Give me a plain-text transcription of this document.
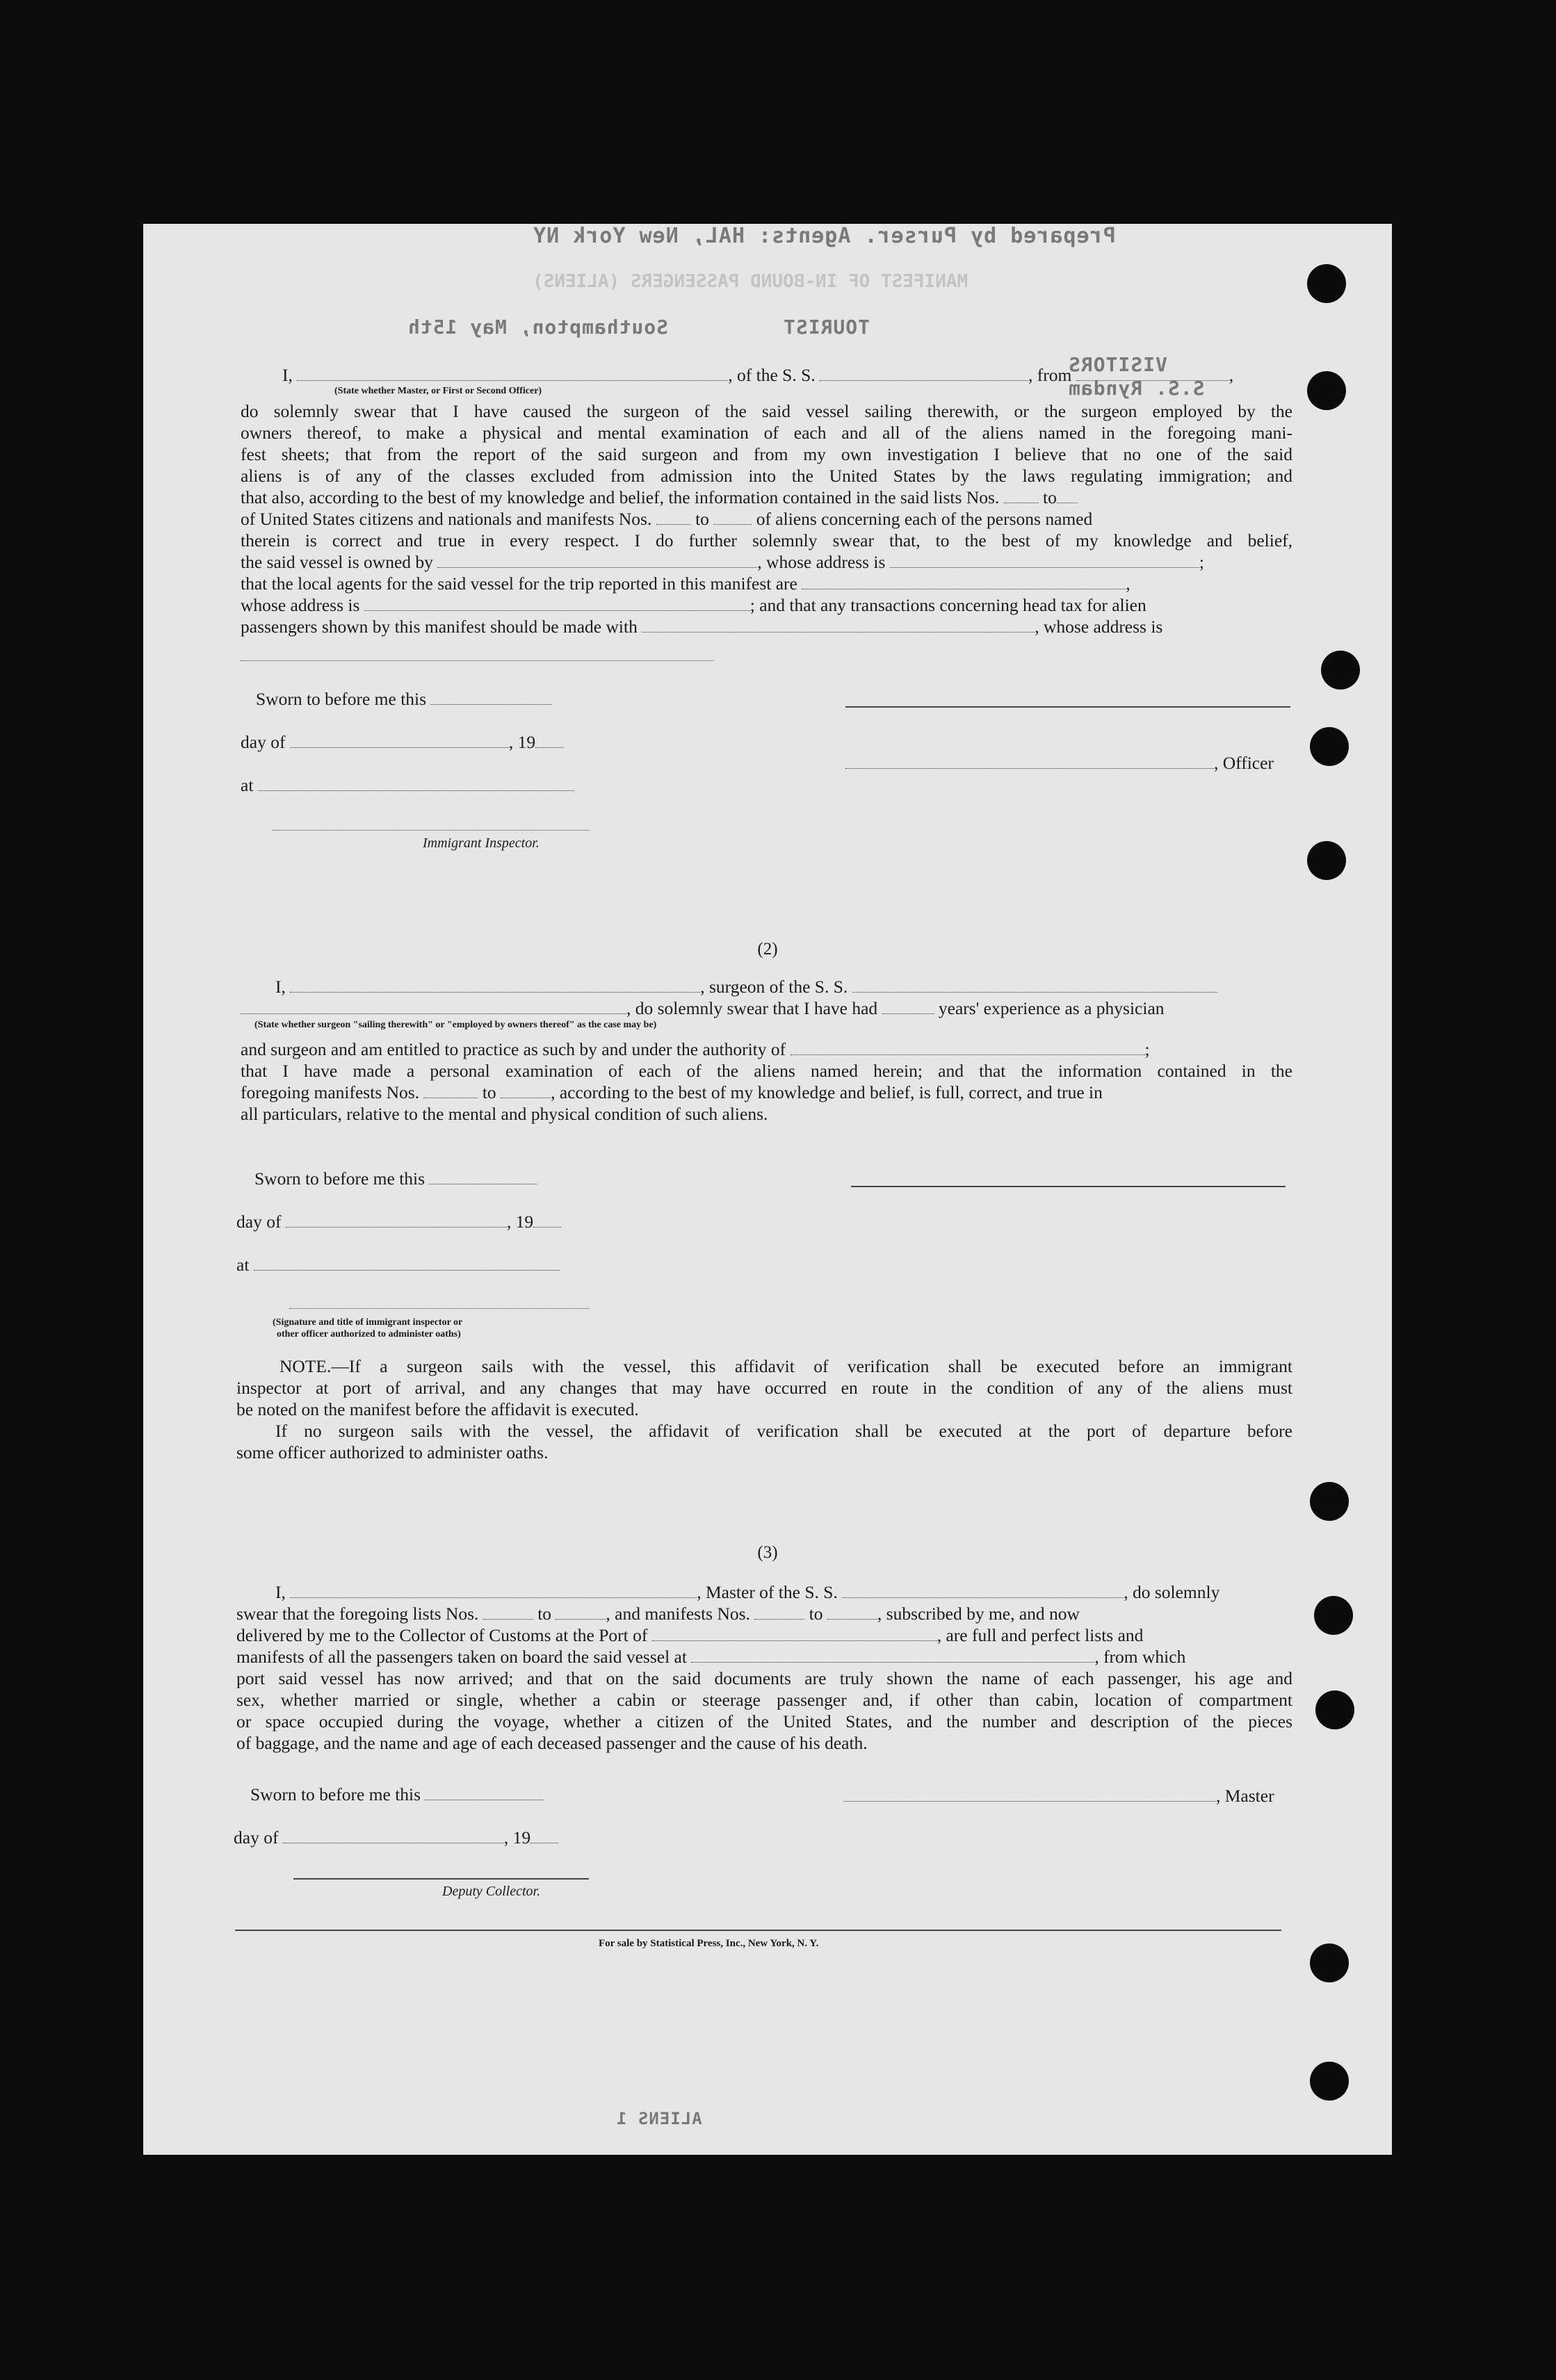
Prepared by Purser. Agents: HAL, New York NY
MANIFEST OF IN-BOUND PASSENGERS (ALIENS)
Southampton, May 15th	TOURIST
VISITORS
S.S. Ryndam
ALIENS 1
I,	, of the S. S.	, from	,
(State whether Master, or First or Second Officer)
do solemnly swear that I have caused the surgeon of the said vessel sailing therewith, or the surgeon employed by the
owners thereof, to make a physical and mental examination of each and all of the aliens named in the foregoing mani-
fest sheets; that from the report of the said surgeon and from my own investigation I believe that no one of the said
aliens is of any of the classes excluded from admission into the United States by the laws regulating immigration; and
that also, according to the best of my knowledge and belief, the information contained in the said lists Nos. to
of United States citizens and nationals and manifests Nos. to	of aliens concerning each of the persons named
therein is correct and true in every respect. I do further solemnly swear that, to the best of my knowledge and belief,
the said vessel is owned by	, whose address is	;
that the local agents for the said vessel for the trip reported in this manifest are	,
whose address is	; and that any transactions concerning head tax for alien
passengers shown by this manifest should be made with	, whose address is
Sworn to before me this
day of	, 19
, Officer
at
Immigrant Inspector.
(2)
I,	, surgeon of the S. S.
, do solemnly swear that I have had	years' experience as a physician
(State whether surgeon "sailing therewith" or "employed by owners thereof" as the case may be)
and surgeon and am entitled to practice as such by and under the authority of	;
that I have made a personal examination of each of the aliens named herein; and that the information contained in the
foregoing manifests Nos.	to	, according to the best of my knowledge and belief, is full, correct, and true in
all particulars, relative to the mental and physical condition of such aliens.
Sworn to before me this
day of	, 19
at
(Signature and title of immigrant inspector or
other officer authorized to administer oaths)
NOTE.—If a surgeon sails with the vessel, this affidavit of verification shall be executed before an immigrant
inspector at port of arrival, and any changes that may have occurred en route in the condition of any of the aliens must
be noted on the manifest before the affidavit is executed.
If no surgeon sails with the vessel, the affidavit of verification shall be executed at the port of departure before
some officer authorized to administer oaths.
(3)
I,	, Master of the S. S.	, do solemnly
swear that the foregoing lists Nos.	to	, and manifests Nos.	to	, subscribed by me, and now
delivered by me to the Collector of Customs at the Port of	, are full and perfect lists and
manifests of all the passengers taken on board the said vessel at	, from which
port said vessel has now arrived; and that on the said documents are truly shown the name of each passenger, his age and
sex, whether married or single, whether a cabin or steerage passenger and, if other than cabin, location of compartment
or space occupied during the voyage, whether a citizen of the United States, and the number and description of the pieces
of baggage, and the name and age of each deceased passenger and the cause of his death.
Sworn to before me this	, Master
day of	, 19
Deputy Collector.
For sale by Statistical Press, Inc., New York, N. Y.
